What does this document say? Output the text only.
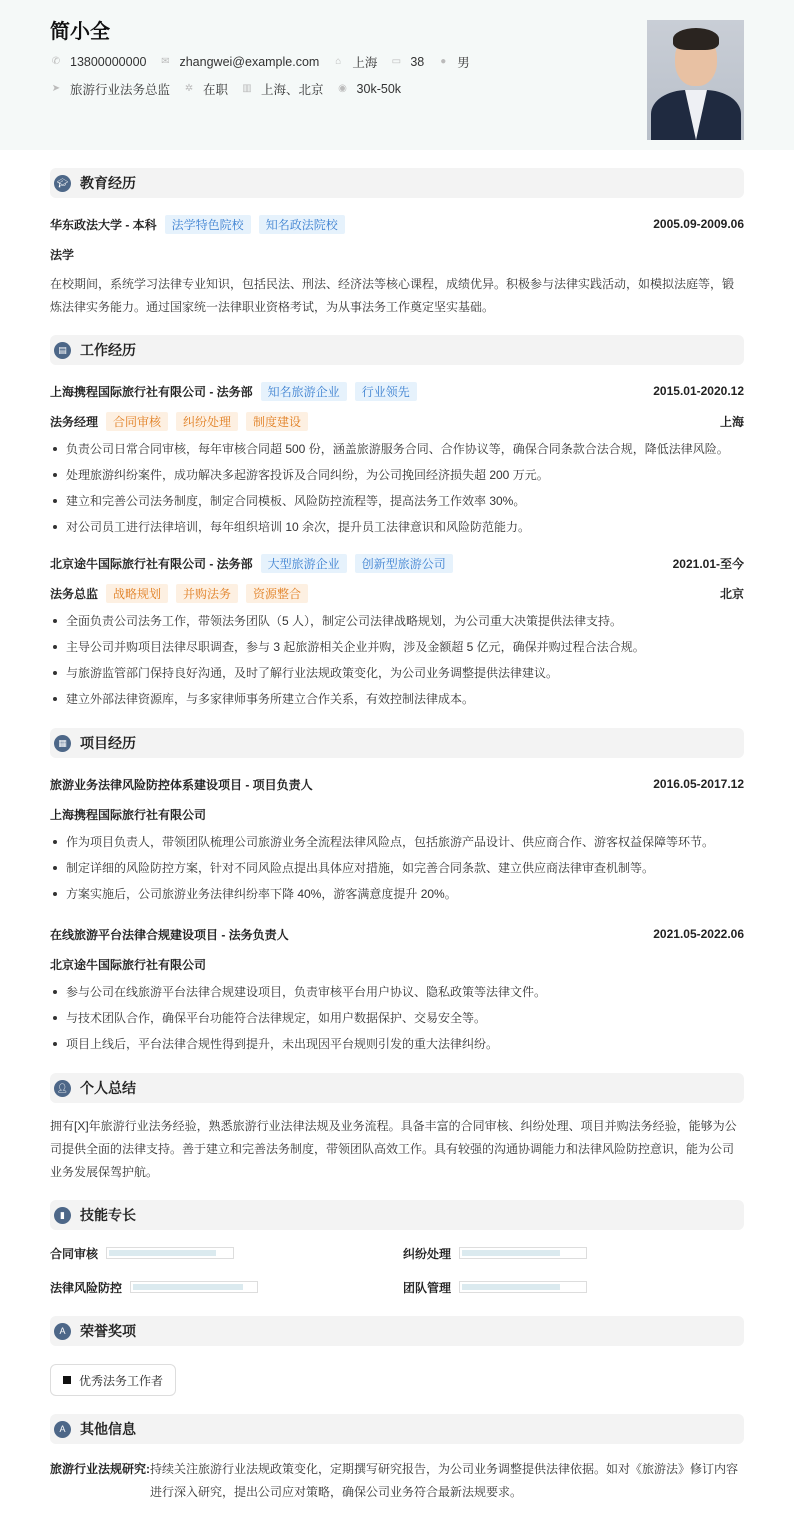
简小全
✆ 13800000000 ✉ zhangwei@example.com ⌂ 上海 ▭ 38 ● 男
➤ 旅游行业法务总监 ✲ 在职 ▥ 上海、北京 ◉ 30k-50k
🎓︎ 教育经历
华东政法大学 - 本科	法学特色院校	知名政法院校	2005.09-2009.06
法学
在校期间，系统学习法律专业知识，包括民法、刑法、经济法等核心课程，成绩优异。积极参与法律实践活动，如模拟法庭等，锻炼法律实务能力。通过国家统一法律职业资格考试，为从事法务工作奠定坚实基础。
▤ 工作经历
上海携程国际旅行社有限公司 - 法务部	知名旅游企业	行业领先	2015.01-2020.12
法务经理	合同审核	纠纷处理	制度建设	上海
负责公司日常合同审核，每年审核合同超 500 份，涵盖旅游服务合同、合作协议等，确保合同条款合法合规，降低法律风险。
处理旅游纠纷案件，成功解决多起游客投诉及合同纠纷，为公司挽回经济损失超 200 万元。
建立和完善公司法务制度，制定合同模板、风险防控流程等，提高法务工作效率 30%。
对公司员工进行法律培训，每年组织培训 10 余次，提升员工法律意识和风险防范能力。
北京途牛国际旅行社有限公司 - 法务部	大型旅游企业	创新型旅游公司	2021.01-至今
法务总监	战略规划	并购法务	资源整合	北京
全面负责公司法务工作，带领法务团队（5 人），制定公司法律战略规划，为公司重大决策提供法律支持。
主导公司并购项目法律尽职调查，参与 3 起旅游相关企业并购，涉及金额超 5 亿元，确保并购过程合法合规。
与旅游监管部门保持良好沟通，及时了解行业法规政策变化，为公司业务调整提供法律建议。
建立外部法律资源库，与多家律师事务所建立合作关系，有效控制法律成本。
▦ 项目经历
旅游业务法律风险防控体系建设项目 - 项目负责人	2016.05-2017.12
上海携程国际旅行社有限公司
作为项目负责人，带领团队梳理公司旅游业务全流程法律风险点，包括旅游产品设计、供应商合作、游客权益保障等环节。
制定详细的风险防控方案，针对不同风险点提出具体应对措施，如完善合同条款、建立供应商法律审查机制等。
方案实施后，公司旅游业务法律纠纷率下降 40%，游客满意度提升 20%。
在线旅游平台法律合规建设项目 - 法务负责人	2021.05-2022.06
北京途牛国际旅行社有限公司
参与公司在线旅游平台法律合规建设项目，负责审核平台用户协议、隐私政策等法律文件。
与技术团队合作，确保平台功能符合法律规定，如用户数据保护、交易安全等。
项目上线后，平台法律合规性得到提升，未出现因平台规则引发的重大法律纠纷。
👤︎ 个人总结
拥有[X]年旅游行业法务经验，熟悉旅游行业法律法规及业务流程。具备丰富的合同审核、纠纷处理、项目并购法务经验，能够为公司提供全面的法律支持。善于建立和完善法务制度，带领团队高效工作。具有较强的沟通协调能力和法律风险防控意识，能为公司业务发展保驾护航。
▮	技能专长
合同审核	纠纷处理
法律风险防控	团队管理
A	荣誉奖项
优秀法务工作者
A	其他信息
旅游行业法规研究: 持续关注旅游行业法规政策变化，定期撰写研究报告，为公司业务调整提供法律依据。如对《旅游法》修订内容进行深入研究，提出公司应对策略，确保公司业务符合最新法规要求。
